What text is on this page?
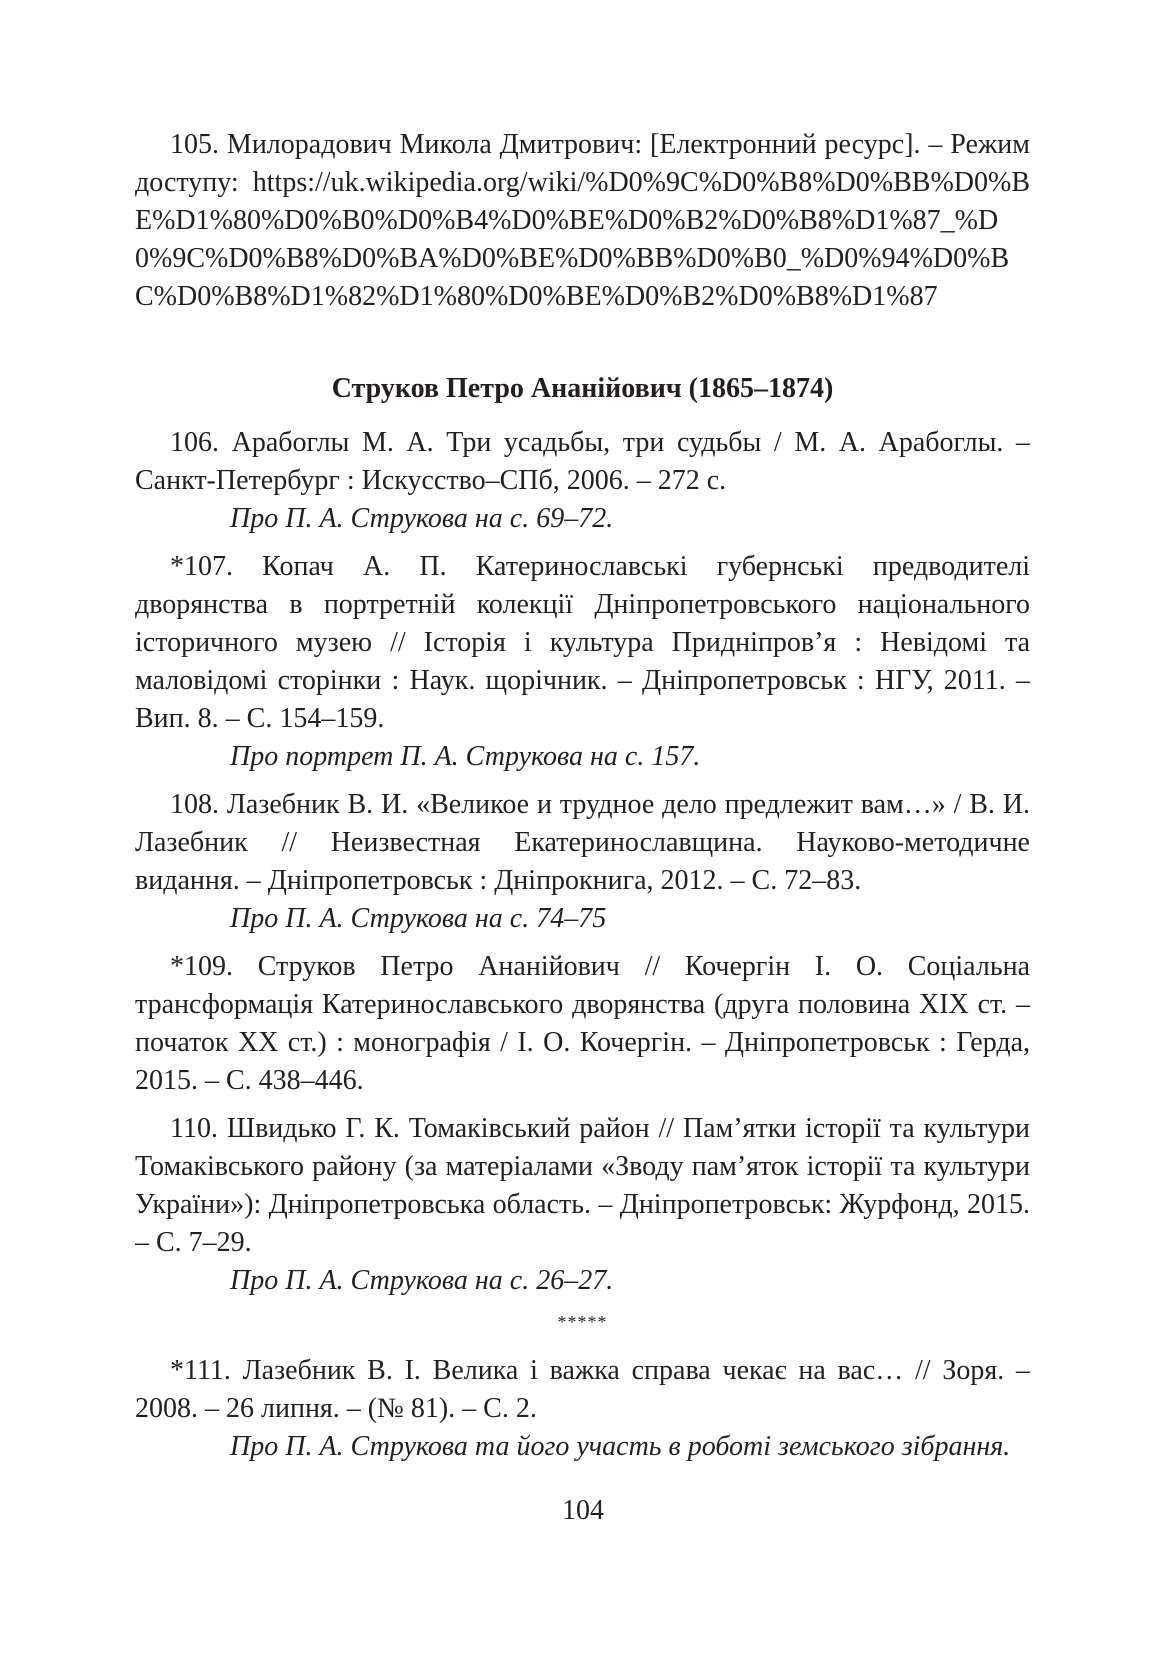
105. Милорадович Микола Дмитрович: [Електронний ресурс]. – Режим доступу: https://uk.wikipedia.org/wiki/%D0%9C%D0%B8%D0%BB%D0%BE%D1%80%D0%B0%D0%B4%D0%BE%D0%B2%D0%B8%D1%87_%D0%9C%D0%B8%D0%BA%D0%BE%D0%BB%D0%B0_%D0%94%D0%BC%D0%B8%D1%82%D1%80%D0%BE%D0%B2%D0%B8%D1%87

Струков Петро Ананійович (1865–1874)

106. Арабоглы М. А. Три усадьбы, три судьбы / М. А. Арабоглы. – Санкт-Петербург : Искусство–СПб, 2006. – 272 с.

Про П. А. Струкова на с. 69–72.

*107. Копач А. П. Катеринославські губернські предводителі дворянства в портретній колекції Дніпропетровського національного історичного музею // Історія і культура Придніпров’я : Невідомі та маловідомі сторінки : Наук. щорічник. – Дніпропетровськ : НГУ, 2011. – Вип. 8. – С. 154–159.

Про портрет П. А. Струкова на с. 157.

108. Лазебник В. И. «Великое и трудное дело предлежит вам…» / В. И. Лазебник // Неизвестная Екатеринославщина. Науково-методичне видання. – Дніпропетровськ : Дніпрокнига, 2012. – С. 72–83.

Про П. А. Струкова на с. 74–75

*109. Струков Петро Ананійович // Кочергін І. О. Соціальна трансформація Катеринославського дворянства (друга половина XIX ст. – початок XX ст.) : монографія / І. О. Кочергін. – Дніпропетровськ : Герда, 2015. – С. 438–446.

110. Швидько Г. К. Томаківський район // Пам’ятки історії та культури Томаківського району (за матеріалами «Зводу пам’яток історії та культури України»): Дніпропетровська область. – Дніпропетровськ: Журфонд, 2015. – С. 7–29.

Про П. А. Струкова на с. 26–27.

*****

*111. Лазебник В. І. Велика і важка справа чекає на вас… // Зоря. – 2008. – 26 липня. – (№ 81). – С. 2.

Про П. А. Струкова та його участь в роботі земського зібрання.

104
